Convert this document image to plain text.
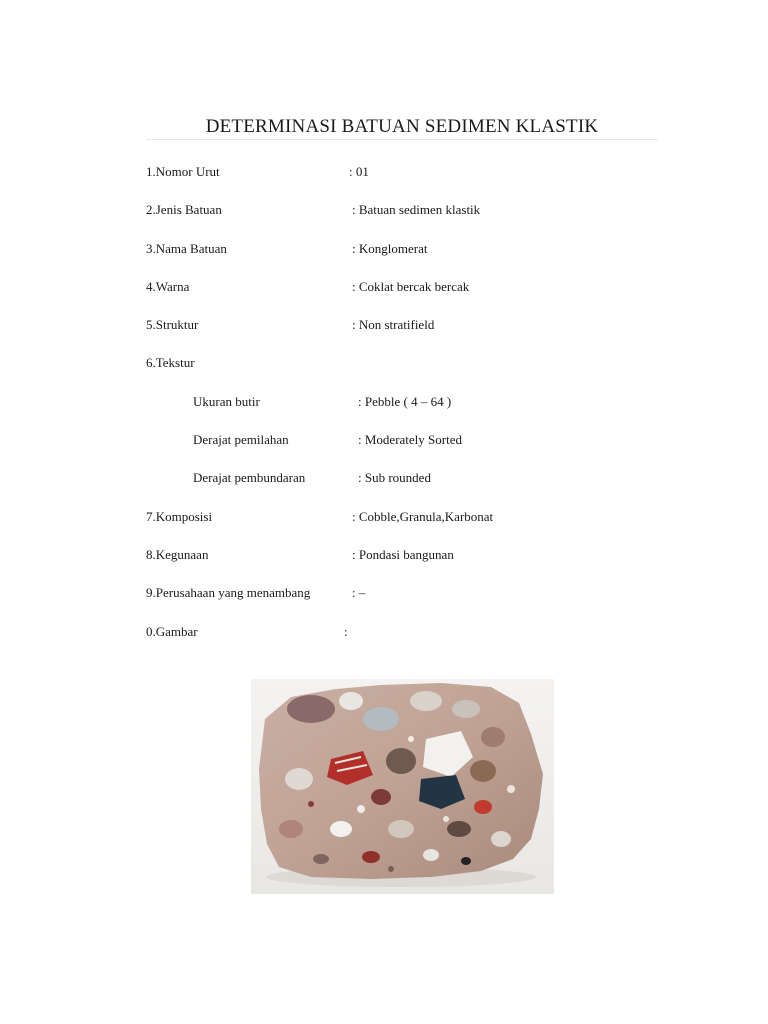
DETERMINASI BATUAN SEDIMEN KLASTIK
1.Nomor Urut	: 01
2.Jenis Batuan	: Batuan sedimen klastik
3.Nama Batuan	: Konglomerat
4.Warna	: Coklat bercak bercak
5.Struktur	: Non stratifield
6.Tekstur
Ukuran butir	: Pebble ( 4 – 64 )
Derajat pemilahan	: Moderately Sorted
Derajat pembundaran	: Sub rounded
7.Komposisi	: Cobble,Granula,Karbonat
8.Kegunaan	: Pondasi bangunan
9.Perusahaan yang menambang	: –
0.Gambar	:
